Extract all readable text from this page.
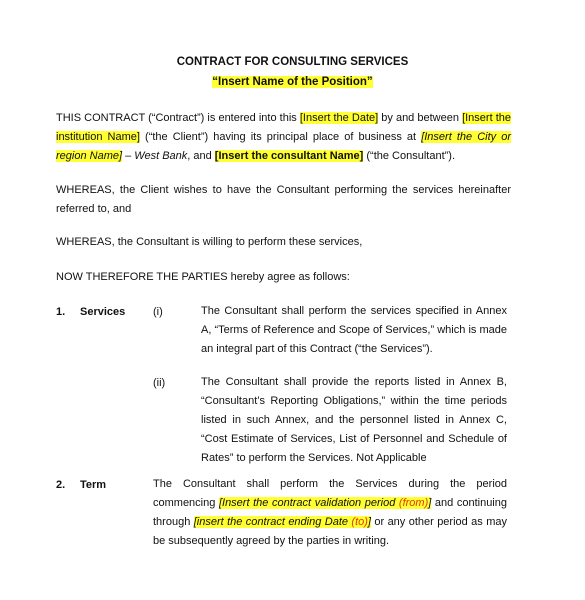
CONTRACT FOR CONSULTING SERVICES
“Insert Name of the Position”
THIS CONTRACT (“Contract”) is entered into this [Insert the Date] by and between [Insert the institution Name] (“the Client”) having its principal place of business at [Insert the City or region Name] – West Bank, and [Insert the consultant Name] (“the Consultant”).
WHEREAS, the Client wishes to have the Consultant performing the services hereinafter referred to, and
WHEREAS, the Consultant is willing to perform these services,
NOW THEREFORE THE PARTIES hereby agree as follows:
1. Services	(i)	The Consultant shall perform the services specified in Annex A, “Terms of Reference and Scope of Services,” which is made an integral part of this Contract (“the Services”).
(ii)	The Consultant shall provide the reports listed in Annex B, “Consultant’s Reporting Obligations,” within the time periods listed in such Annex, and the personnel listed in Annex C, “Cost Estimate of Services, List of Personnel and Schedule of Rates” to perform the Services. Not Applicable
2. Term	The Consultant shall perform the Services during the period commencing [Insert the contract validation period (from)] and continuing through [insert the contract ending Date (to)] or any other period as may be subsequently agreed by the parties in writing.
